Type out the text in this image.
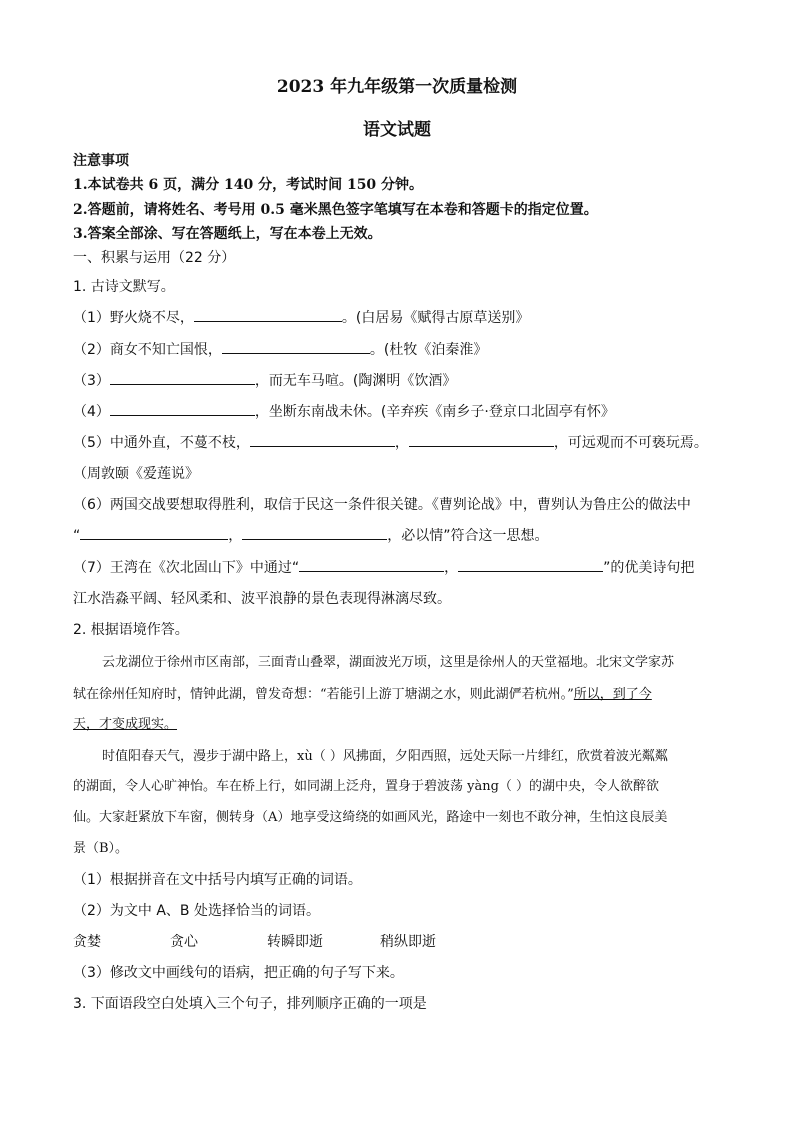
2023 年九年级第一次质量检测
语文试题
注意事项
1.本试卷共 6 页，满分 140 分，考试时间 150 分钟。
2.答题前，请将姓名、考号用 0.5 毫米黑色签字笔填写在本卷和答题卡的指定位置。
3.答案全部涂、写在答题纸上，写在本卷上无效。
一、积累与运用（22 分）
1. 古诗文默写。
（1）野火烧不尽，	。(白居易《赋得古原草送别》
（2）商女不知亡国恨，	。(杜牧《泊秦淮》
（3）	，而无车马喧。(陶渊明《饮酒》
（4）	，坐断东南战未休。(辛弃疾《南乡子·登京口北固亭有怀》
（5）中通外直，不蔓不枝，	，	，可远观而不可亵玩焉。
（周敦颐《爱莲说》
（6）两国交战要想取得胜利，取信于民这一条件很关键。《曹刿论战》中，曹刿认为鲁庄公的做法中
“	，	，必以情”符合这一思想。
（7）王湾在《次北固山下》中通过“	，	”的优美诗句把
江水浩淼平阔、轻风柔和、波平浪静的景色表现得淋漓尽致。
2. 根据语境作答。
云龙湖位于徐州市区南部，三面青山叠翠，湖面波光万顷，这里是徐州人的天堂福地。北宋文学家苏
轼在徐州任知府时，情钟此湖，曾发奇想：“若能引上游丁塘湖之水，则此湖俨若杭州。”所以，到了今
天，才变成现实。
时值阳春天气，漫步于湖中路上，xù（ ）风拂面，夕阳西照，远处天际一片绯红，欣赏着波光粼粼
的湖面，令人心旷神怡。车在桥上行，如同湖上泛舟，置身于碧波荡 yàng（ ）的湖中央，令人欲醉欲
仙。大家赶紧放下车窗，侧转身（A）地享受这绮绕的如画风光，路途中一刻也不敢分神，生怕这良辰美
景（B）。
（1）根据拼音在文中括号内填写正确的词语。
（2）为文中 A、B 处选择恰当的词语。
贪婪	贪心	转瞬即逝	稍纵即逝
（3）修改文中画线句的语病，把正确的句子写下来。
3. 下面语段空白处填入三个句子，排列顺序正确的一项是
